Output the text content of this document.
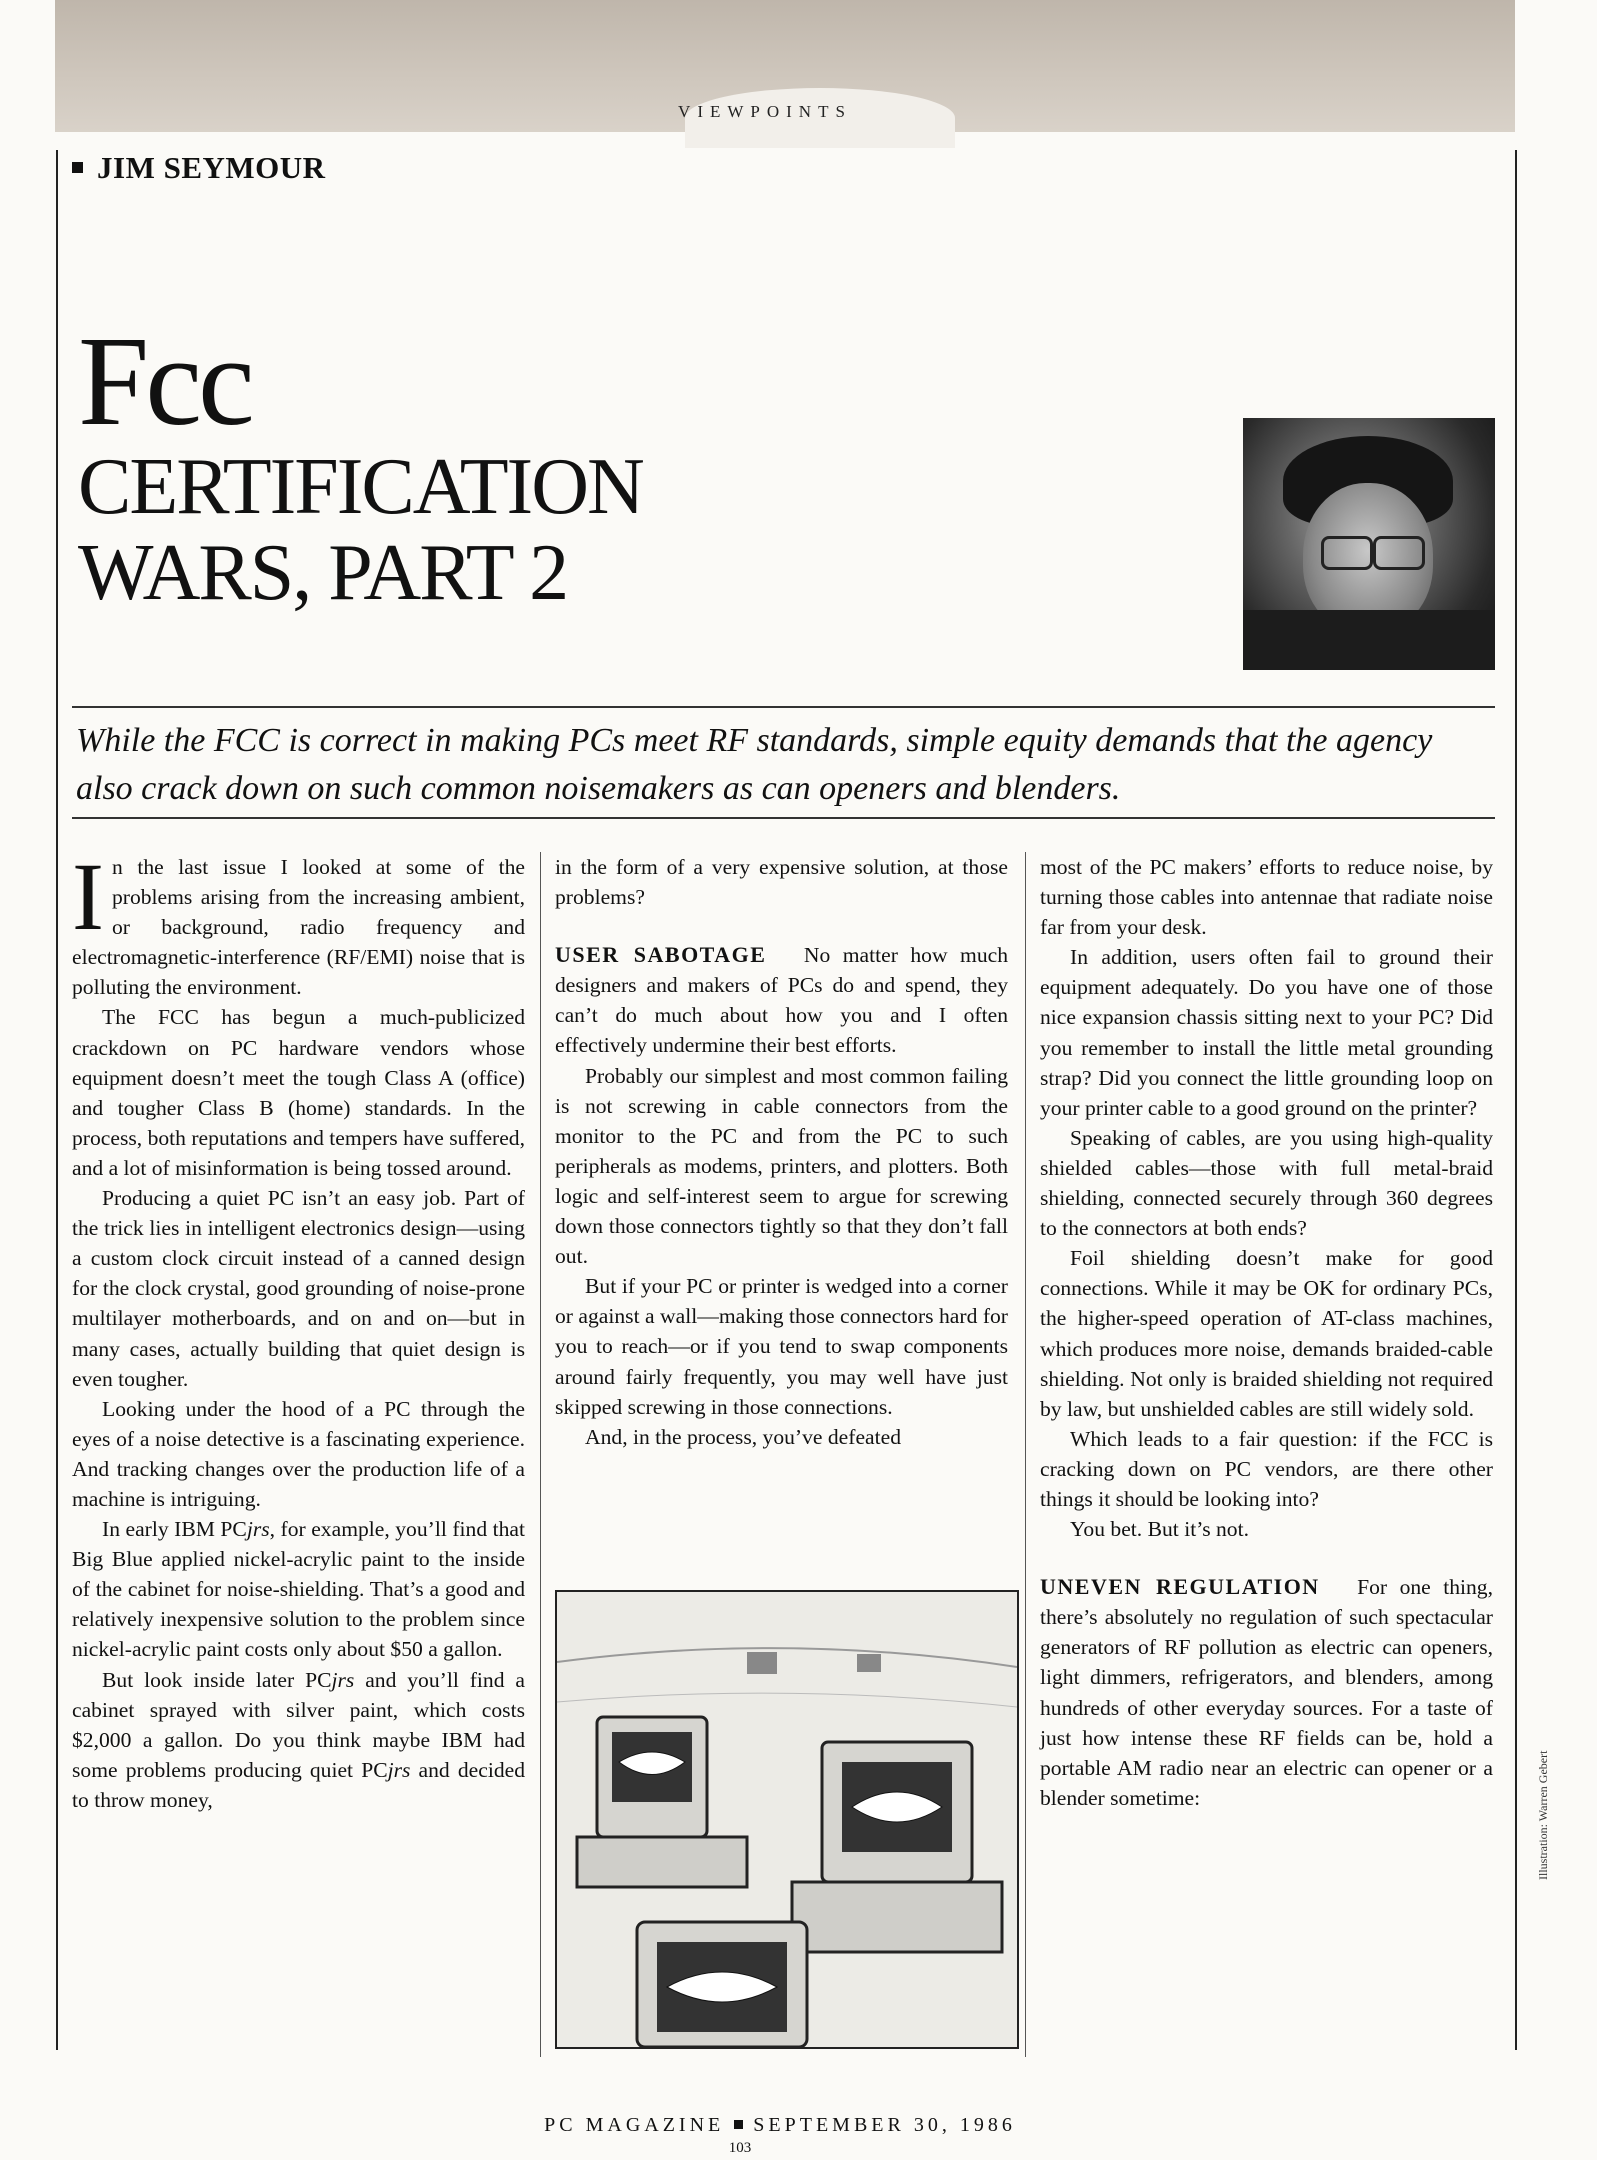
VIEWPOINTS
JIM SEYMOUR
Fcc
CERTIFICATION
WARS, PART 2
While the FCC is correct in making PCs meet RF standards, simple equity demands that the agency also crack down on such common noisemakers as can openers and blenders.

In the last issue I looked at some of the problems arising from the increasing ambient, or background, radio frequency and electromagnetic-interference (RF/EMI) noise that is polluting the environment.

The FCC has begun a much-publicized crackdown on PC hardware vendors whose equipment doesn’t meet the tough Class A (office) and tougher Class B (home) standards. In the process, both reputations and tempers have suffered, and a lot of misinformation is being tossed around.

Producing a quiet PC isn’t an easy job. Part of the trick lies in intelligent electronics design—using a custom clock circuit instead of a canned design for the clock crystal, good grounding of noise-prone multilayer motherboards, and on and on—but in many cases, actually building that quiet design is even tougher.

Looking under the hood of a PC through the eyes of a noise detective is a fascinating experience. And tracking changes over the production life of a machine is intriguing.

In early IBM PCjrs, for example, you’ll find that Big Blue applied nickel-acrylic paint to the inside of the cabinet for noise-shielding. That’s a good and relatively inexpensive solution to the problem since nickel-acrylic paint costs only about $50 a gallon.

But look inside later PCjrs and you’ll find a cabinet sprayed with silver paint, which costs $2,000 a gallon. Do you think maybe IBM had some problems producing quiet PCjrs and decided to throw money,

in the form of a very expensive solution, at those problems?

USER SABOTAGE No matter how much designers and makers of PCs do and spend, they can’t do much about how you and I often effectively undermine their best efforts.

Probably our simplest and most common failing is not screwing in cable connectors from the monitor to the PC and from the PC to such peripherals as modems, printers, and plotters. Both logic and self-interest seem to argue for screwing down those connectors tightly so that they don’t fall out.

But if your PC or printer is wedged into a corner or against a wall—making those connectors hard for you to reach—or if you tend to swap components around fairly frequently, you may well have just skipped screwing in those connections.

And, in the process, you’ve defeated

most of the PC makers’ efforts to reduce noise, by turning those cables into antennae that radiate noise far from your desk.

In addition, users often fail to ground their equipment adequately. Do you have one of those nice expansion chassis sitting next to your PC? Did you remember to install the little metal grounding strap? Did you connect the little grounding loop on your printer cable to a good ground on the printer?

Speaking of cables, are you using high-quality shielded cables—those with full metal-braid shielding, connected securely through 360 degrees to the connectors at both ends?

Foil shielding doesn’t make for good connections. While it may be OK for ordinary PCs, the higher-speed operation of AT-class machines, which produces more noise, demands braided-cable shielding. Not only is braided shielding not required by law, but unshielded cables are still widely sold.

Which leads to a fair question: if the FCC is cracking down on PC vendors, are there other things it should be looking into?

You bet. But it’s not.

UNEVEN REGULATION For one thing, there’s absolutely no regulation of such spectacular generators of RF pollution as electric can openers, light dimmers, refrigerators, and blenders, among hundreds of other everyday sources. For a taste of just how intense these RF fields can be, hold a portable AM radio near an electric can opener or a blender sometime:	Illustration: Warren Gebert
PC MAGAZINE SEPTEMBER 30, 1986
103
